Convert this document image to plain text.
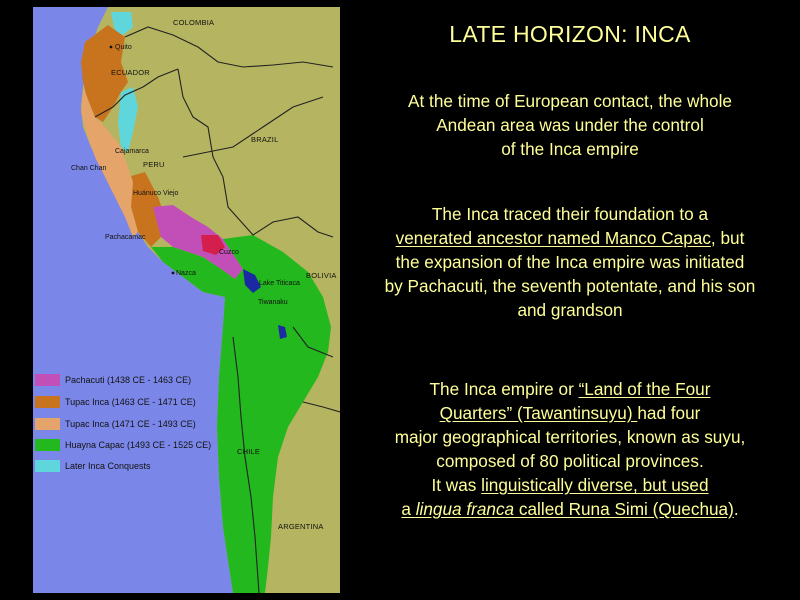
COLOMBIA
ECUADOR
Quito
BRAZIL
PERU
Chan Chan
Cajamarca
Huánuco Viejo
Pachacamac
Cuzco
Nazca
Lake Titicaca
BOLIVIA
Tiwanaku
CHILE
ARGENTINA
Pachacuti (1438 CE - 1463 CE)
Tupac Inca (1463 CE - 1471 CE)
Tupac Inca (1471 CE - 1493 CE)
Huayna Capac (1493 CE - 1525 CE)
Later Inca Conquests
LATE HORIZON: INCA
At the time of European contact, the whole
Andean area was under the control
of the Inca empire
The Inca traced their foundation to a
venerated ancestor named Manco Capac, but
the expansion of the Inca empire was initiated
by Pachacuti, the seventh potentate, and his son
and grandson
The Inca empire or “Land of the Four
Quarters” (Tawantinsuyu) had four
major geographical territories, known as suyu,
composed of 80 political provinces.
It was linguistically diverse, but used
a lingua franca called Runa Simi (Quechua).
